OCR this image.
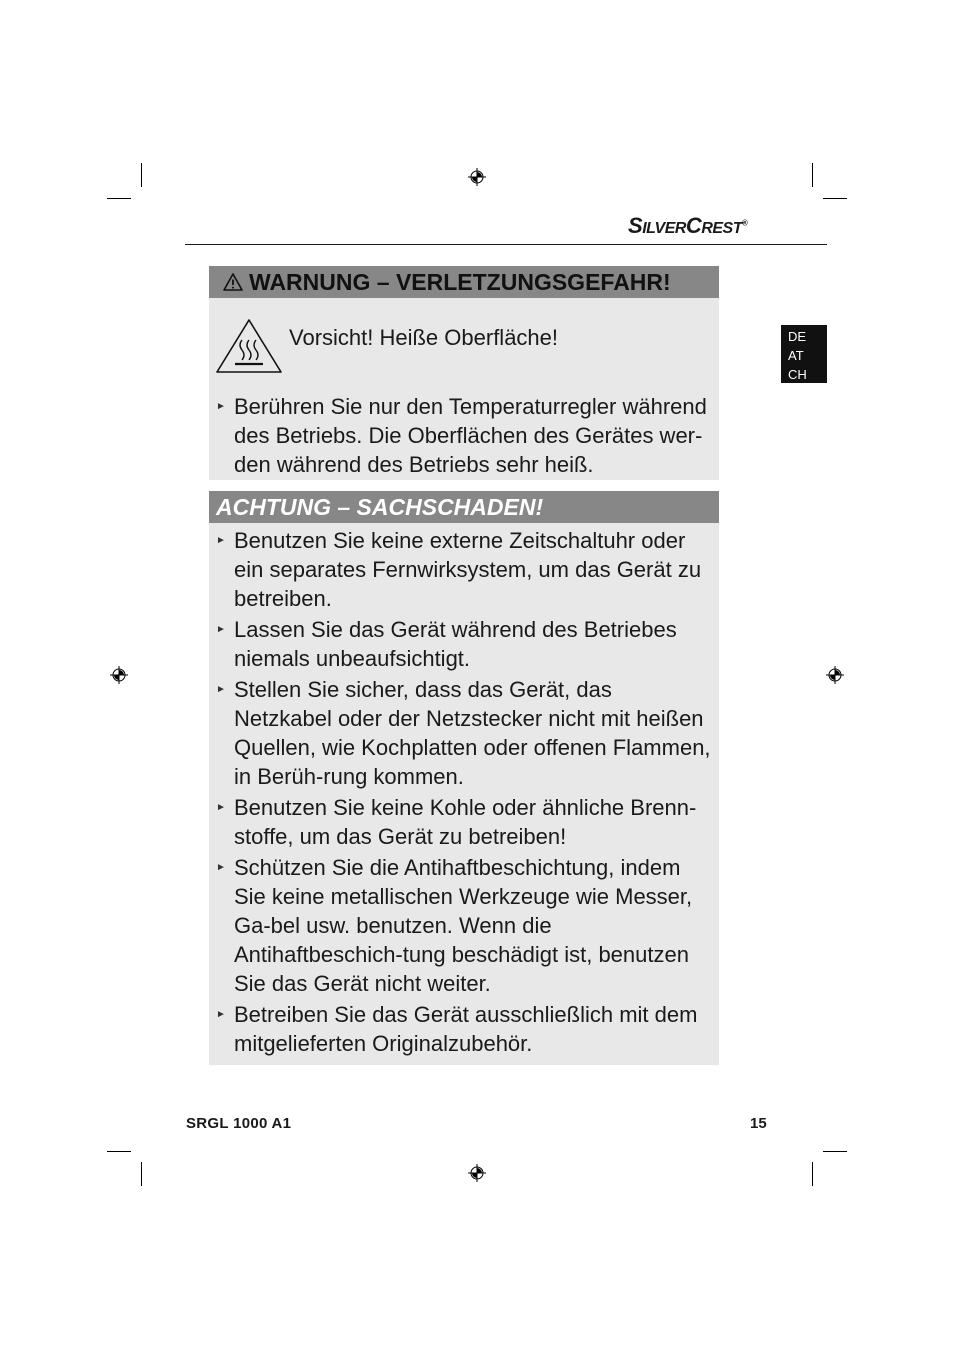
SILVERCREST®
DE
AT
CH
WARNUNG – VERLETZUNGSGEFAHR!
Vorsicht! Heiße Oberfläche!
► Berühren Sie nur den Temperaturregler während des Betriebs. Die Oberflächen des Gerätes wer-den während des Betriebs sehr heiß.
ACHTUNG – SACHSCHADEN!
► Benutzen Sie keine externe Zeitschaltuhr oder ein separates Fernwirksystem, um das Gerät zu betreiben.
► Lassen Sie das Gerät während des Betriebes niemals unbeaufsichtigt.
► Stellen Sie sicher, dass das Gerät, das Netzkabel oder der Netzstecker nicht mit heißen Quellen, wie Kochplatten oder offenen Flammen, in Berüh-rung kommen.
► Benutzen Sie keine Kohle oder ähnliche Brenn-stoffe, um das Gerät zu betreiben!
► Schützen Sie die Antihaftbeschichtung, indem Sie keine metallischen Werkzeuge wie Messer, Ga-bel usw. benutzen. Wenn die Antihaftbeschich-tung beschädigt ist, benutzen Sie das Gerät nicht weiter.
► Betreiben Sie das Gerät ausschließlich mit dem mitgelieferten Originalzubehör.
SRGL 1000 A1	15
